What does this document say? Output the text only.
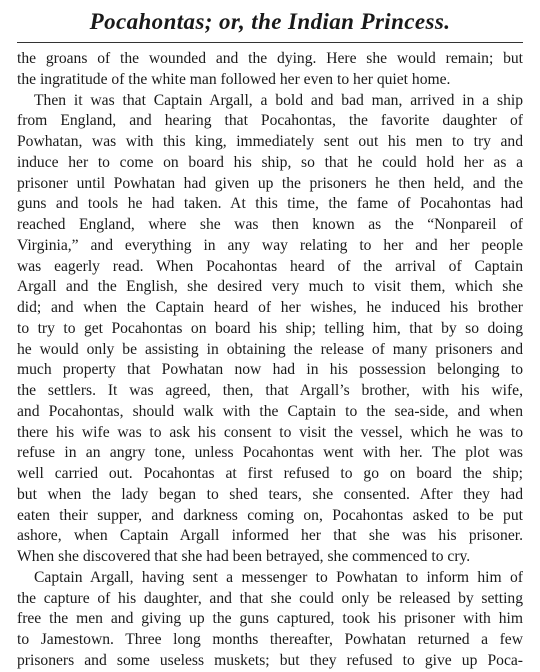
Pocahontas; or, the Indian Princess.
the groans of the wounded and the dying. Here she would remain; but
the ingratitude of the white man followed her even to her quiet home.
Then it was that Captain Argall, a bold and bad man, arrived in a ship
from England, and hearing that Pocahontas, the favorite daughter of
Powhatan, was with this king, immediately sent out his men to try and
induce her to come on board his ship, so that he could hold her as a
prisoner until Powhatan had given up the prisoners he then held, and the
guns and tools he had taken. At this time, the fame of Pocahontas had
reached England, where she was then known as the “Nonpareil of
Virginia,” and everything in any way relating to her and her people
was eagerly read. When Pocahontas heard of the arrival of Captain
Argall and the English, she desired very much to visit them, which she
did; and when the Captain heard of her wishes, he induced his brother
to try to get Pocahontas on board his ship; telling him, that by so doing
he would only be assisting in obtaining the release of many prisoners and
much property that Powhatan now had in his possession belonging to
the settlers. It was agreed, then, that Argall’s brother, with his wife,
and Pocahontas, should walk with the Captain to the sea-side, and when
there his wife was to ask his consent to visit the vessel, which he was to
refuse in an angry tone, unless Pocahontas went with her. The plot was
well carried out. Pocahontas at first refused to go on board the ship;
but when the lady began to shed tears, she consented. After they had
eaten their supper, and darkness coming on, Pocahontas asked to be put
ashore, when Captain Argall informed her that she was his prisoner.
When she discovered that she had been betrayed, she commenced to cry.
Captain Argall, having sent a messenger to Powhatan to inform him of
the capture of his daughter, and that she could only be released by setting
free the men and giving up the guns captured, took his prisoner with him
to Jamestown. Three long months thereafter, Powhatan returned a few
prisoners and some useless muskets; but they refused to give up Poca-
